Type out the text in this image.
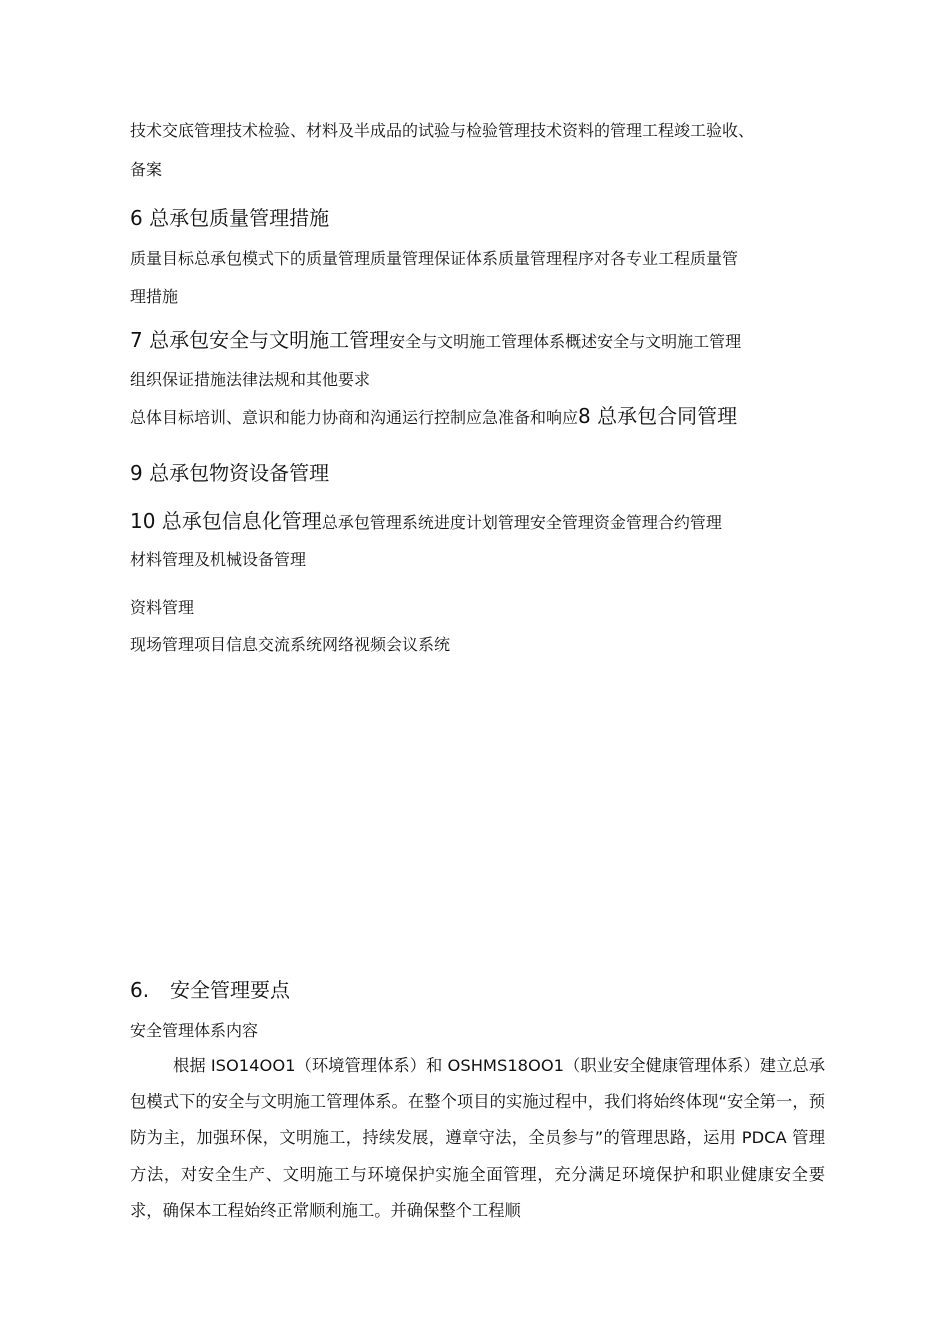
技术交底管理技术检验、材料及半成品的试验与检验管理技术资料的管理工程竣工验收、
备案
6 总承包质量管理措施
质量目标总承包模式下的质量管理质量管理保证体系质量管理程序对各专业工程质量管
理措施
7 总承包安全与文明施工管理安全与文明施工管理体系概述安全与文明施工管理
组织保证措施法律法规和其他要求
总体目标培训、意识和能力协商和沟通运行控制应急准备和响应8 总承包合同管理
9 总承包物资设备管理
10 总承包信息化管理总承包管理系统进度计划管理安全管理资金管理合约管理
材料管理及机械设备管理
资料管理
现场管理项目信息交流系统网络视频会议系统
6. 安全管理要点
安全管理体系内容
根据 ISO14OO1（环境管理体系）和 OSHMS18OO1（职业安全健康管理体系）建立总承包模式下的安全与文明施工管理体系。在整个项目的实施过程中，我们将始终体现“安全第一，预防为主，加强环保，文明施工，持续发展，遵章守法，全员参与”的管理思路，运用 PDCA 管理方法，对安全生产、文明施工与环境保护实施全面管理，充分满足环境保护和职业健康安全要求，确保本工程始终正常顺利施工。并确保整个工程顺
